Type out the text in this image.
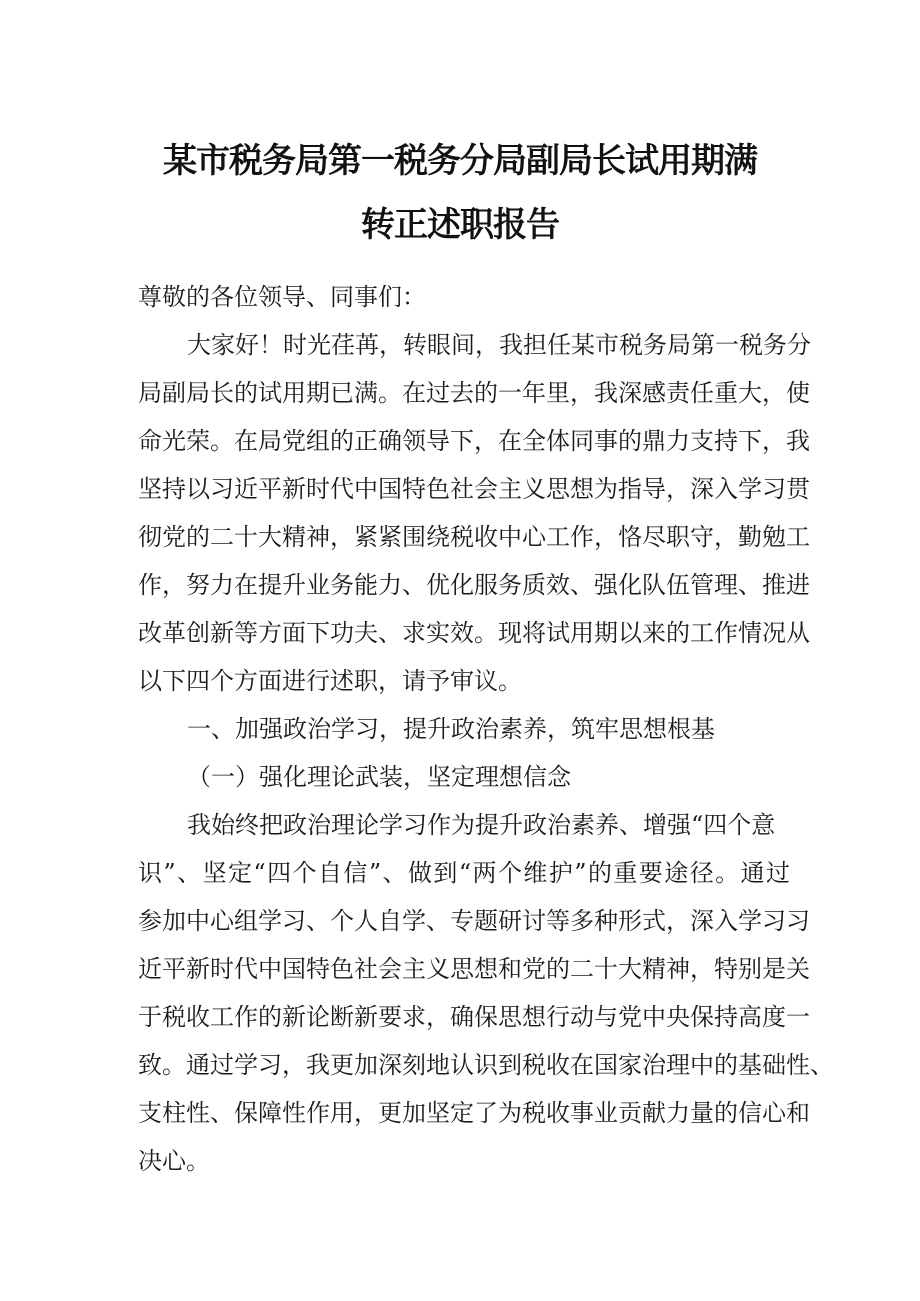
某市税务局第一税务分局副局长试用期满
转正述职报告
尊敬的各位领导、同事们：
大家好！时光荏苒，转眼间，我担任某市税务局第一税务分
局副局长的试用期已满。在过去的一年里，我深感责任重大，使
命光荣。在局党组的正确领导下，在全体同事的鼎力支持下，我
坚持以习近平新时代中国特色社会主义思想为指导，深入学习贯
彻党的二十大精神，紧紧围绕税收中心工作，恪尽职守，勤勉工
作，努力在提升业务能力、优化服务质效、强化队伍管理、推进
改革创新等方面下功夫、求实效。现将试用期以来的工作情况从
以下四个方面进行述职，请予审议。
一、加强政治学习，提升政治素养，筑牢思想根基
（一）强化理论武装，坚定理想信念
我始终把政治理论学习作为提升政治素养、增强“四个意
识”、坚定“四个自信”、做到“两个维护”的重要途径。通过
参加中心组学习、个人自学、专题研讨等多种形式，深入学习习
近平新时代中国特色社会主义思想和党的二十大精神，特别是关
于税收工作的新论断新要求，确保思想行动与党中央保持高度一
致。通过学习，我更加深刻地认识到税收在国家治理中的基础性、
支柱性、保障性作用，更加坚定了为税收事业贡献力量的信心和
决心。
